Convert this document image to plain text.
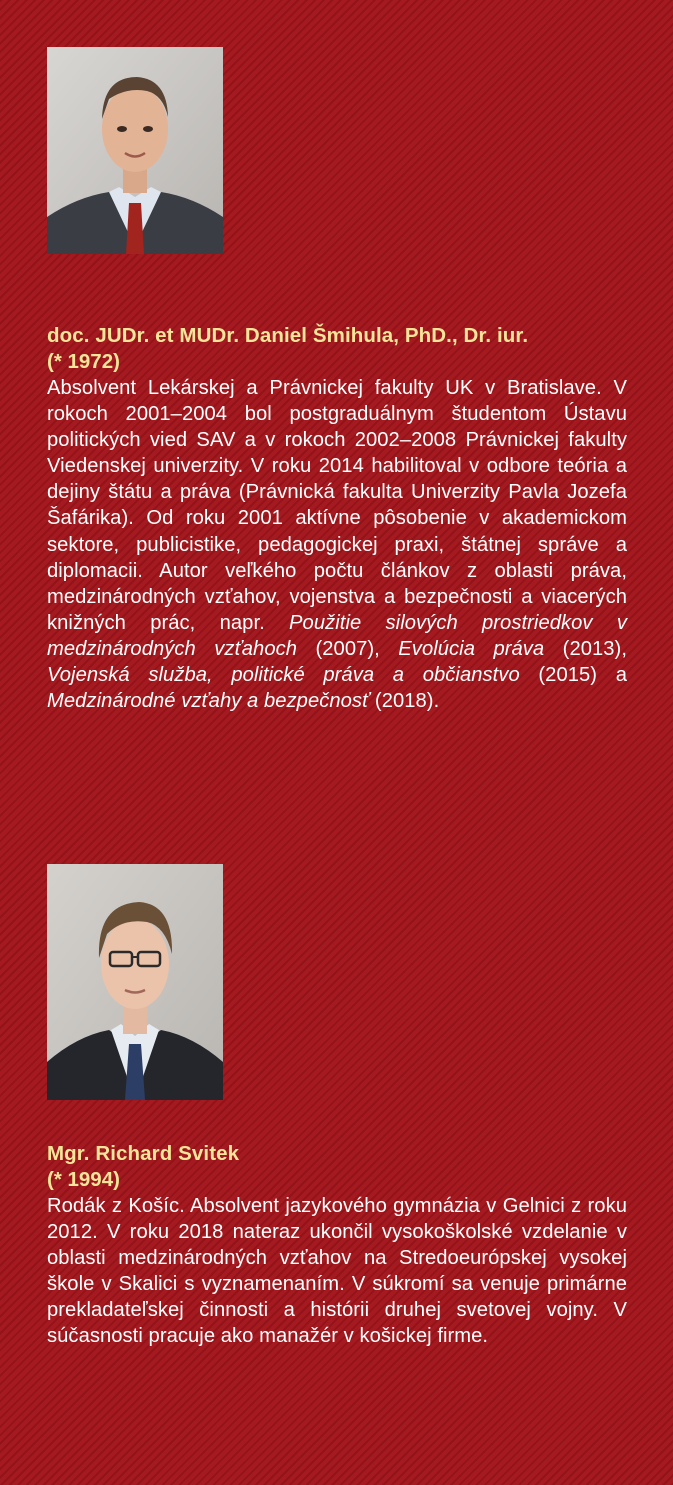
doc. JUDr. et MUDr. Daniel Šmihula, PhD., Dr. iur.
(* 1972)

Absolvent Lekárskej a Právnickej fakulty UK v Bratislave. V rokoch 2001–2004 bol postgraduálnym študentom Ústavu politických vied SAV a v rokoch 2002–2008 Právnickej fakulty Viedenskej univerzity. V roku 2014 habilitoval v odbore teória a dejiny štátu a práva (Právnická fakulta Univerzity Pavla Jozefa Šafárika). Od roku 2001 aktívne pôsobenie v akademickom sektore, publicistike, pedagogickej praxi, štátnej správe a diplomacii. Autor veľkého počtu článkov z oblasti práva, medzinárodných vzťahov, vojenstva a bezpečnosti a viacerých knižných prác, napr. Použitie silových prostriedkov v medzinárodných vzťahoch (2007), Evolúcia práva (2013), Vojenská služba, politické práva a občianstvo (2015) a Medzinárodné vzťahy a bezpečnosť (2018).

Mgr. Richard Svitek
(* 1994)

Rodák z Košíc. Absolvent jazykového gymnázia v Gelnici z roku 2012. V roku 2018 nateraz ukončil vysokoškolské vzdelanie v oblasti medzinárodných vzťahov na Stredoeurópskej vysokej škole v Skalici s vyznamenaním. V súkromí sa venuje primárne prekladateľskej činnosti a histórii druhej svetovej vojny. V súčasnosti pracuje ako manažér v košickej firme.
